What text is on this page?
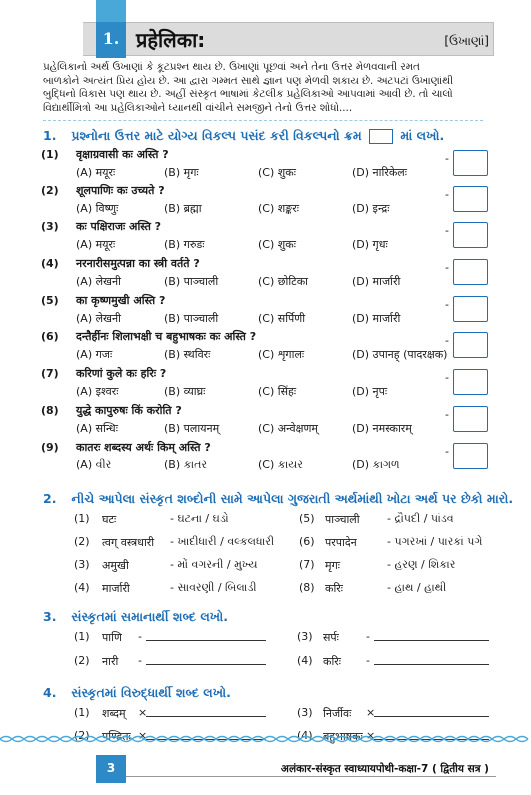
1. प्रहेलिका:	[ઉખાણાં]
પ્રહેલિકાનો અર્થ ઉખાણાં કે કૂટપ્રશ્ન થાય છે. ઉખાણાં પૂછવાં અને તેના ઉત્તર મેળવવાની રમત
બાળકોને અત્યંત પ્રિય હોય છે. આ દ્વારા ગમ્મત સાથે જ્ઞાન પણ મેળવી શકાય છે. અટપટાં ઉખાણાંથી
બુદ્ધિનો વિકાસ પણ થાય છે. અહીં સંસ્કૃત ભાષામાં કેટલીક પ્રહેલિકાઓ આપવામાં આવી છે. તો ચાલો
વિદ્યાર્થીમિત્રો આ પ્રહેલિકાઓને ધ્યાનથી વાંચીને સમજીને તેનો ઉત્તર શોધો....
1. પ્રશ્નોના ઉત્તર માટે યોગ્ય વિકલ્પ પસંદ કરી વિકલ્પનો ક્રમ	માં લખો.
(1) वृक्षाग्रवासी कः अस्ति ?
(A) मयूरः	(B) मृगः	(C) शुकः	(D) नारिकेलः
-
(2) शूलपाणिः कः उच्यते ?
(A) विष्णुः	(B) ब्रह्मा	(C) शङ्करः	(D) इन्द्रः
-
(3) कः पक्षिराजः अस्ति ?
(A) मयूरः	(B) गरुडः	(C) शुकः	(D) गृधः
-
(4) नरनारीसमुत्पन्ना का स्त्री वर्तते ?
(A) लेखनी	(B) पाञ्चाली	(C) छोटिका	(D) मार्जारी
-
(5) का कृष्णमुखी अस्ति ?
(A) लेखनी	(B) पाञ्चाली	(C) सर्पिणी	(D) मार्जारी
-
(6) दन्तैर्हीनः शिलाभक्षी च बहुभाषकः कः अस्ति ?
(A) गजः	(B) स्थविरः	(C) शृगालः	(D) उपानह् (पादरक्षक)
-
(7) करिणां कुले कः हरिः ?
(A) इश्वरः	(B) व्याघ्रः	(C) सिंहः	(D) नृपः
-
(8) युद्धे कापुरुषः किं करोति ?
(A) सन्धिः	(B) पलायनम्	(C) अन्वेक्षणम्	(D) नमस्कारम्
-
(9) कातरः शब्दस्य अर्थः किम् अस्ति ?
(A) વીર	(B) કાતર	(C) કાયર	(D) કાગળ
-
2. નીચે આપેલા સંસ્કૃત શબ્દોની સામે આપેલા ગુજરાતી અર્થમાંથી ખોટા અર્થ પર છેકો મારો.
(1) घटः	- ઘટના / ઘડો	(5) पाञ्चाली - દ્રૌપદી / પાંડવ
(2) त्वग् वस्त्रधारी - ખાદીધારી / વલ્કલધારી (6) परपादेन	- પગરખાં / પારકાં પગે
(3) अमुखी	- મોં વગરની / મુખ્ય	(7) मृगः	- હરણ / શિકાર
(4) मार्जारी	- સાવરણી / બિલાડી	(8) करिः	- હાથ / હાથી
3. સંસ્કૃતમાં સમાનાર્થી શબ્દ લખો.
(1) पाणि -	(3) सर्पः -
(2) नारी -	(4) करिः -
4. સંસ્કૃતમાં વિરુદ્ધાર્થી શબ્દ લખો.
(1) शब्दम् ×	(3) निर्जीवः ×
(2) पण्डितः ×	(4) बहुभाषकः ×
3	अलंकार-संस्कृत स्वाध्यायपोथी-कक्षा-7 ( द्वितीय सत्र )
